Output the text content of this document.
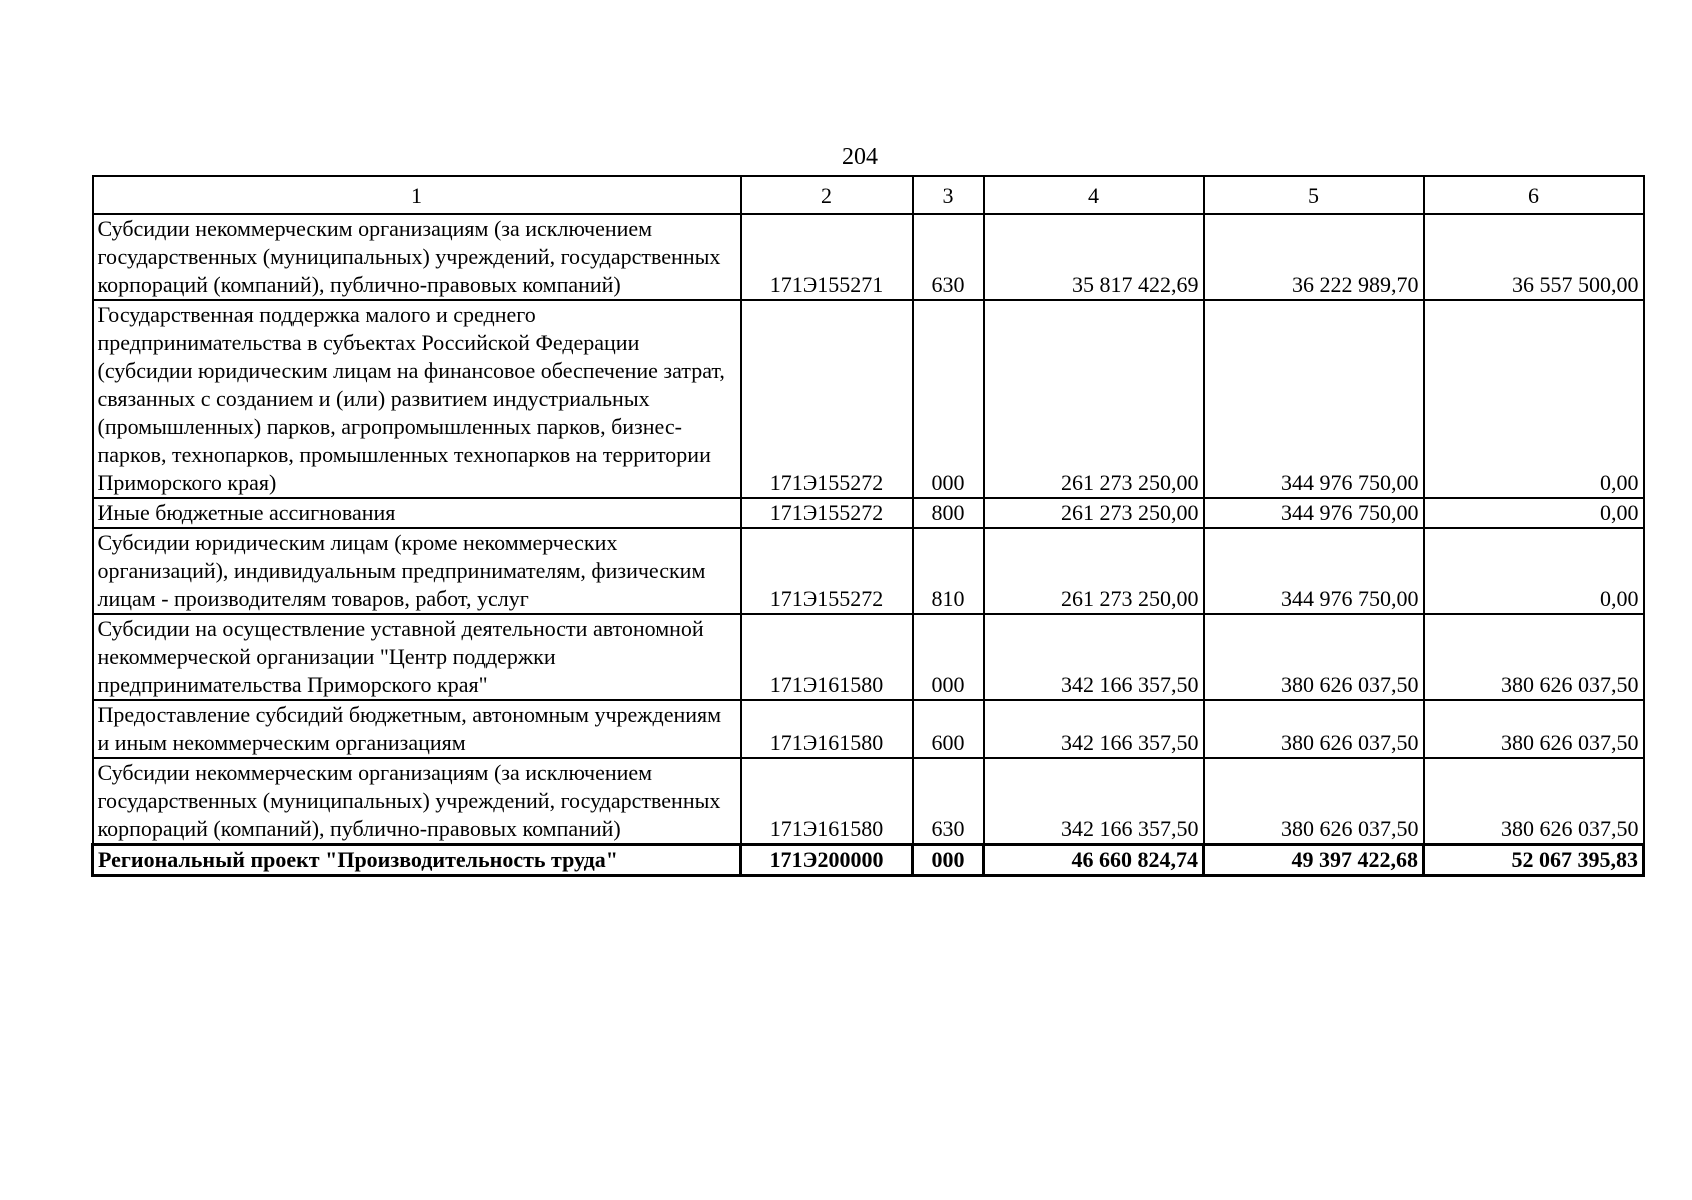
204
1	2	3	4	5	6
Субсидии некоммерческим организациям (за исключением государственных (муниципальных) учреждений, государственных корпораций (компаний), публично-правовых компаний)	171Э155271	630	35 817 422,69	36 222 989,70	36 557 500,00
Государственная поддержка малого и среднего предпринимательства в субъектах Российской Федерации (субсидии юридическим лицам на финансовое обеспечение затрат, связанных с созданием и (или) развитием индустриальных (промышленных) парков, агропромышленных парков, бизнес-парков, технопарков, промышленных технопарков на территории Приморского края)	171Э155272	000	261 273 250,00	344 976 750,00	0,00
Иные бюджетные ассигнования	171Э155272	800	261 273 250,00	344 976 750,00	0,00
Субсидии юридическим лицам (кроме некоммерческих организаций), индивидуальным предпринимателям, физическим лицам - производителям товаров, работ, услуг	171Э155272	810	261 273 250,00	344 976 750,00	0,00
Субсидии на осуществление уставной деятельности автономной некоммерческой организации "Центр поддержки предпринимательства Приморского края"	171Э161580	000	342 166 357,50	380 626 037,50	380 626 037,50
Предоставление субсидий бюджетным, автономным учреждениям и иным некоммерческим организациям	171Э161580	600	342 166 357,50	380 626 037,50	380 626 037,50
Субсидии некоммерческим организациям (за исключением государственных (муниципальных) учреждений, государственных корпораций (компаний), публично-правовых компаний)	171Э161580	630	342 166 357,50	380 626 037,50	380 626 037,50
Региональный проект "Производительность труда"	171Э200000	000	46 660 824,74	49 397 422,68	52 067 395,83
